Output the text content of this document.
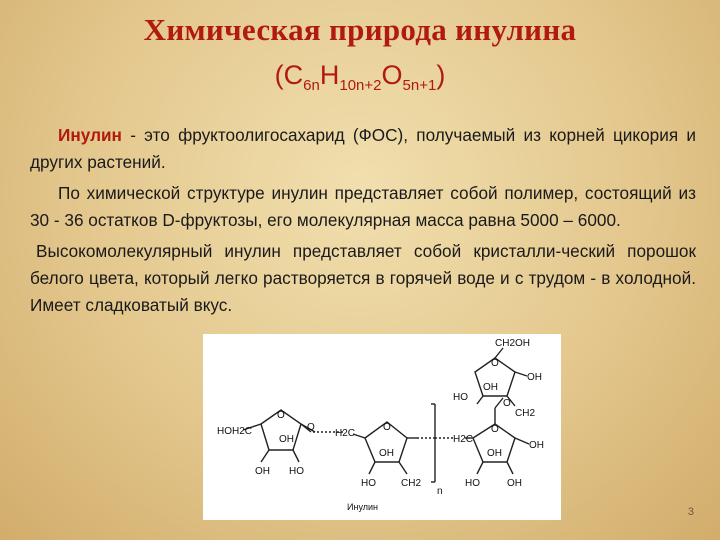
Химическая природа инулина
$(C_{6n}H_{10n+2}O_{5n+1})$

Инулин - это фруктоолигосахарид (ФОС), получаемый из корней цикория и других растений.

По химической структуре инулин представляет собой полимер, состоящий из 30 - 36 остатков D-фруктозы, его молекулярная масса равна 5000 – 6000.

Высокомолекулярный инулин представляет собой кристалли-ческий порошок белого цвета, который легко растворяется в горячей воде и с трудом - в холодной. Имеет сладковатый вкус.

HOH2C
O
OH
OH HO
O
H2C
O
OH
HO	CH2
n
H2C
O
OH
HO	OH
OH
O
O
CH2OH
OH
OH
HO
CH2
Инулин	3
